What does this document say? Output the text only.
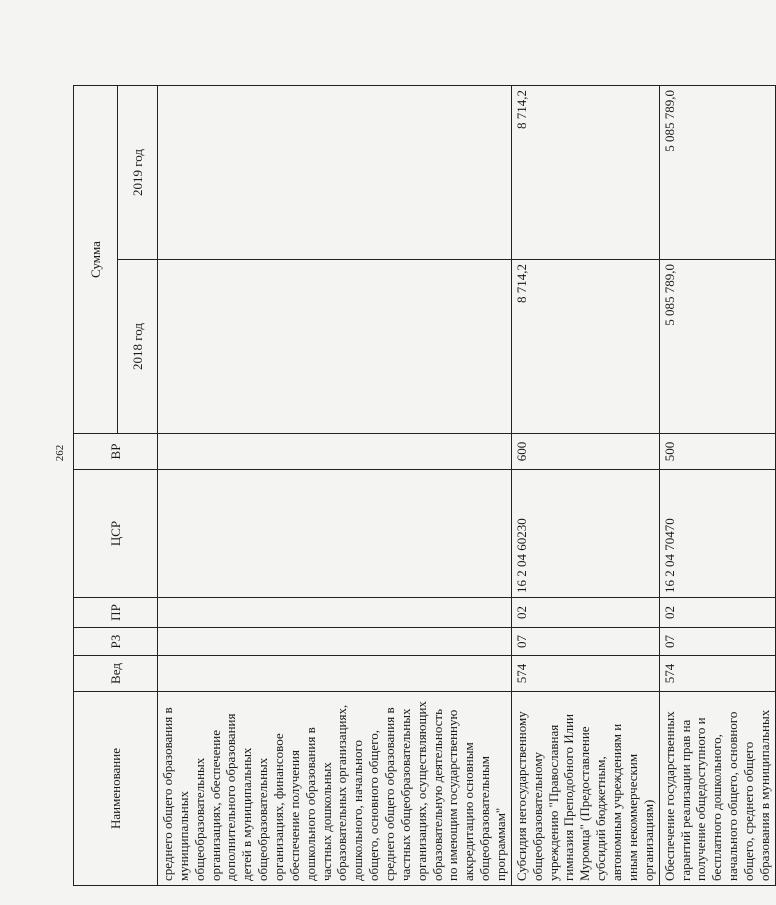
262
Наименование	Вед	РЗ	ПР	ЦСР	ВР	Сумма	
						2018 год	2019 год
среднего общего образования в муниципальных общеобразовательных организациях, обеспечение дополнительного образования детей в муниципальных общеобразовательных организациях, финансовое обеспечение получения дошкольного образования в частных дошкольных образовательных организациях, дошкольного, начального общего, основного общего, среднего общего образования в частных общеобразовательных организациях, осуществляющих образовательную деятельность по имеющим государственную аккредитацию основным общеобразовательным программам"							
Субсидия негосударственному общеобразовательному учреждению "Православная гимназия Преподобного Илии Муромца" (Предоставление субсидий бюджетным, автономным учреждениям и иным некоммерческим организациям)	574	07	02	16 2 04 60230	600	8 714,2	8 714,2
Обеспечение государственных гарантий реализации прав на получение общедоступного и бесплатного дошкольного, начального общего, основного общего, среднего общего образования в муниципальных	574	07	02	16 2 04 70470	500	5 085 789,0	5 085 789,0
